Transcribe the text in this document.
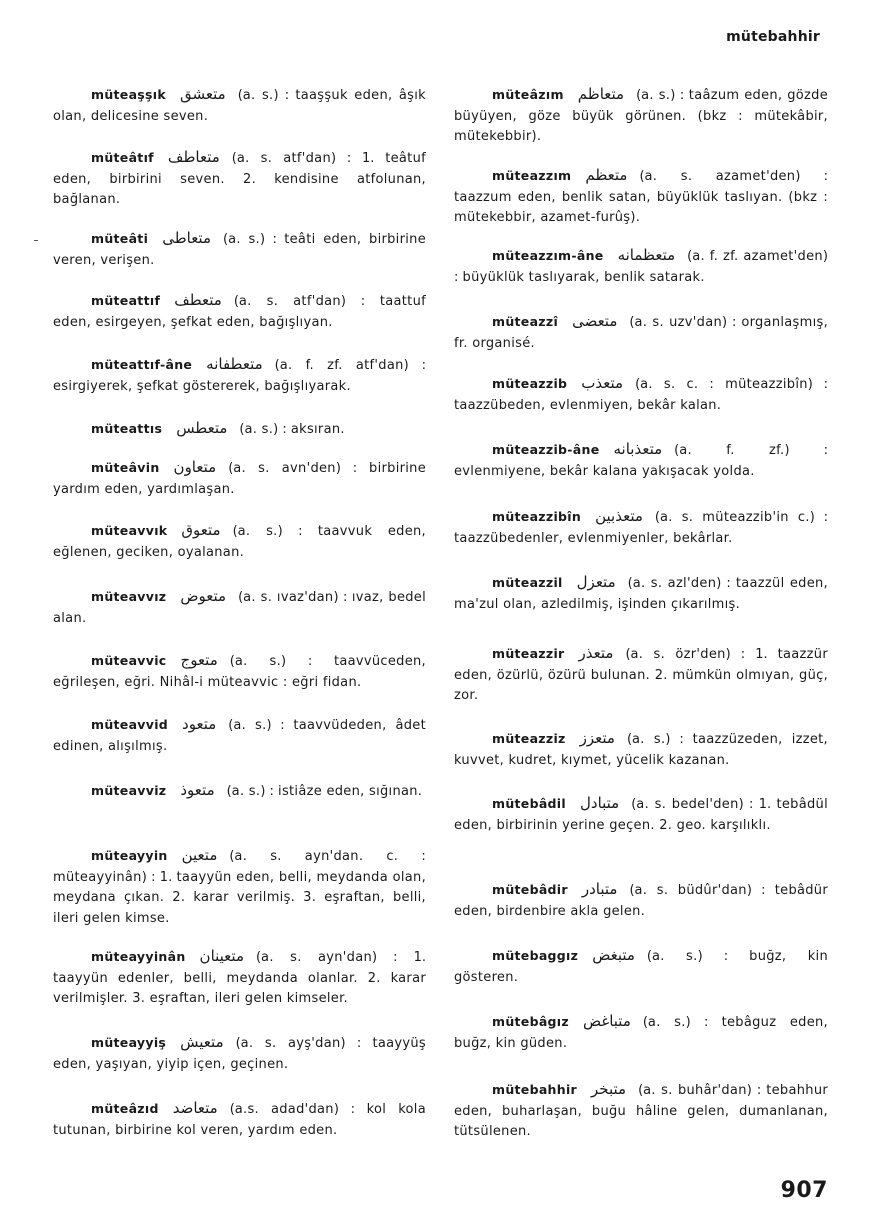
mütebahhir
müteaşşık متعشق (a. s.) : taaşşuk eden, âşık olan, delicesine seven.
müteâtıf متعاطف (a. s. atf'dan) : 1. teâtuf eden, birbirini seven. 2. kendisine atfolunan, bağlanan.
müteâti متعاطى (a. s.) : teâti eden, birbirine veren, verişen.
müteattıf متعطف (a. s. atf'dan) : taattuf eden, esirgeyen, şefkat eden, bağışlıyan.
müteattıf-âne متعطفانه (a. f. zf. atf'dan) : esirgiyerek, şefkat göstererek, bağışlıyarak.
müteattıs متعطس (a. s.) : aksıran.
müteâvin متعاون (a. s. avn'den) : birbirine yardım eden, yardımlaşan.
müteavvık متعوق (a. s.) : taavvuk eden, eğlenen, geciken, oyalanan.
müteavvız متعوض (a. s. ıvaz'dan) : ıvaz, bedel alan.
müteavvic متعوج (a. s.) : taavvüceden, eğrileşen, eğri. Nihâl-i müteavvic : eğri fidan.
müteavvid متعود (a. s.) : taavvüdeden, âdet edinen, alışılmış.
müteavviz متعوذ (a. s.) : istiâze eden, sığınan.
müteayyin متعين (a. s. ayn'dan. c. : müteayyinân) : 1. taayyün eden, belli, meydanda olan, meydana çıkan. 2. karar verilmiş. 3. eşraftan, belli, ileri gelen kimse.
müteayyinân متعينان (a. s. ayn'dan) : 1. taayyün edenler, belli, meydanda olanlar. 2. karar verilmişler. 3. eşraftan, ileri gelen kimseler.
müteayyiş متعيش (a. s. ayş'dan) : taayyüş eden, yaşıyan, yiyip içen, geçinen.
müteâzıd متعاضد (a.s. adad'dan) : kol kola tutunan, birbirine kol veren, yardım eden.
müteâzım متعاظم (a. s.) : taâzum eden, gözde büyüyen, göze büyük görünen. (bkz : mütekâbir, mütekebbir).
müteazzım متعظم (a. s. azamet'den) : taazzum eden, benlik satan, büyüklük taslıyan. (bkz : mütekebbir, azamet-furûş).
müteazzım-âne متعظمانه (a. f. zf. azamet'den) : büyüklük taslıyarak, benlik satarak.
müteazzî متعضى (a. s. uzv'dan) : organlaşmış, fr. organisé.
müteazzib متعذب (a. s. c. : müteazzibîn) : taazzübeden, evlenmiyen, bekâr kalan.
müteazzib-âne متعذبانه (a. f. zf.) : evlenmiyene, bekâr kalana yakışacak yolda.
müteazzibîn متعذبين (a. s. müteazzib'in c.) : taazzübedenler, evlenmiyenler, bekârlar.
müteazzil متعزل (a. s. azl'den) : taazzül eden, ma'zul olan, azledilmiş, işinden çıkarılmış.
müteazzir متعذر (a. s. özr'den) : 1. taazzür eden, özürlü, özürü bulunan. 2. mümkün olmıyan, güç, zor.
müteazziz متعزز (a. s.) : taazzüzeden, izzet, kuvvet, kudret, kıymet, yücelik kazanan.
mütebâdil متبادل (a. s. bedel'den) : 1. tebâdül eden, birbirinin yerine geçen. 2. geo. karşılıklı.
mütebâdir متبادر (a. s. büdûr'dan) : tebâdür eden, birdenbire akla gelen.
mütebaggız متبغض (a. s.) : buğz, kin gösteren.
mütebâgız متباغض (a. s.) : tebâguz eden, buğz, kin güden.
mütebahhir متبخر (a. s. buhâr'dan) : tebahhur eden, buharlaşan, buğu hâline gelen, dumanlanan, tütsülenen.
907
